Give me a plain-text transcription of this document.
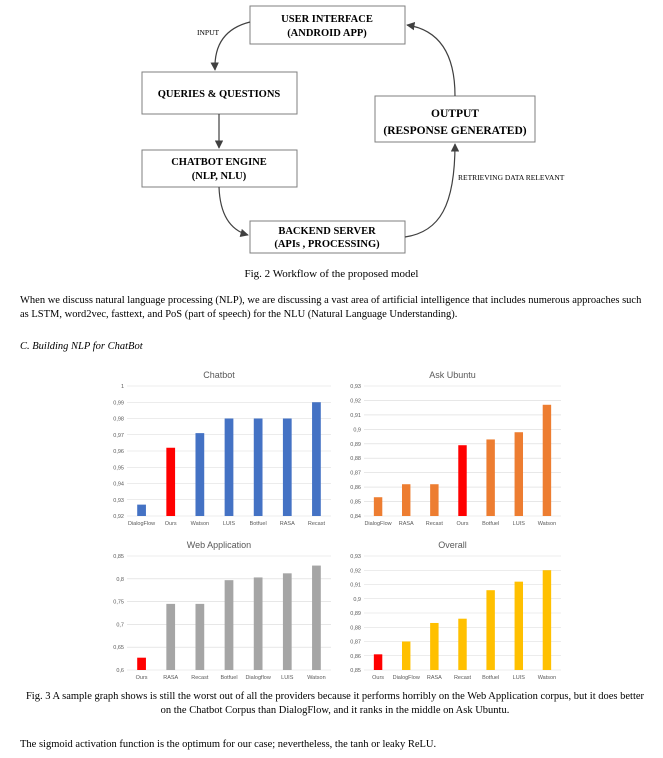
USER INTERFACE
(ANDROID APP)
QUERIES & QUESTIONS
CHATBOT ENGINE
(NLP, NLU)
BACKEND SERVER
(APIs , PROCESSING)
OUTPUT
(RESPONSE GENERATED)
INPUT
RETRIEVING DATA RELEVANT
Fig. 2 Workflow of the proposed model
When we discuss natural language processing (NLP), we are discussing a vast area of artificial intelligence that includes numerous approaches such as LSTM, word2vec, fasttext, and PoS (part of speech) for the NLU (Natural Language Understanding).
C. Building NLP for ChatBot
Chatbot
0,92
0,93
0,94
0,95
0,96
0,97
0,98
0,99
1
DialogFlow Ours	Watson	LUIS	Botfuel RASA Recast
Ask Ubuntu
0,84
0,85
0,86
0,87
0,88
0,89
0,9
0,91
0,92
0,93
DialogFlow RASA Recast Ours Botfuel LUIS Watson
Web Application
0,6
0,65
0,7
0,75
0,8
0,85
Ours	RASA Recast Botfuel Dialogflow LUIS	Watson
Overall
0,85
0,86
0,87
0,88
0,89
0,9
0,91
0,92
0,93
Ours DialogFlow RASA Recast Botfuel LUIS Watson
Fig. 3 A sample graph shows is still the worst out of all the providers because it performs horribly on the Web Application corpus, but it does better on the Chatbot Corpus than DialogFlow, and it ranks in the middle on Ask Ubuntu.
The sigmoid activation function is the optimum for our case; nevertheless, the tanh or leaky ReLU.
